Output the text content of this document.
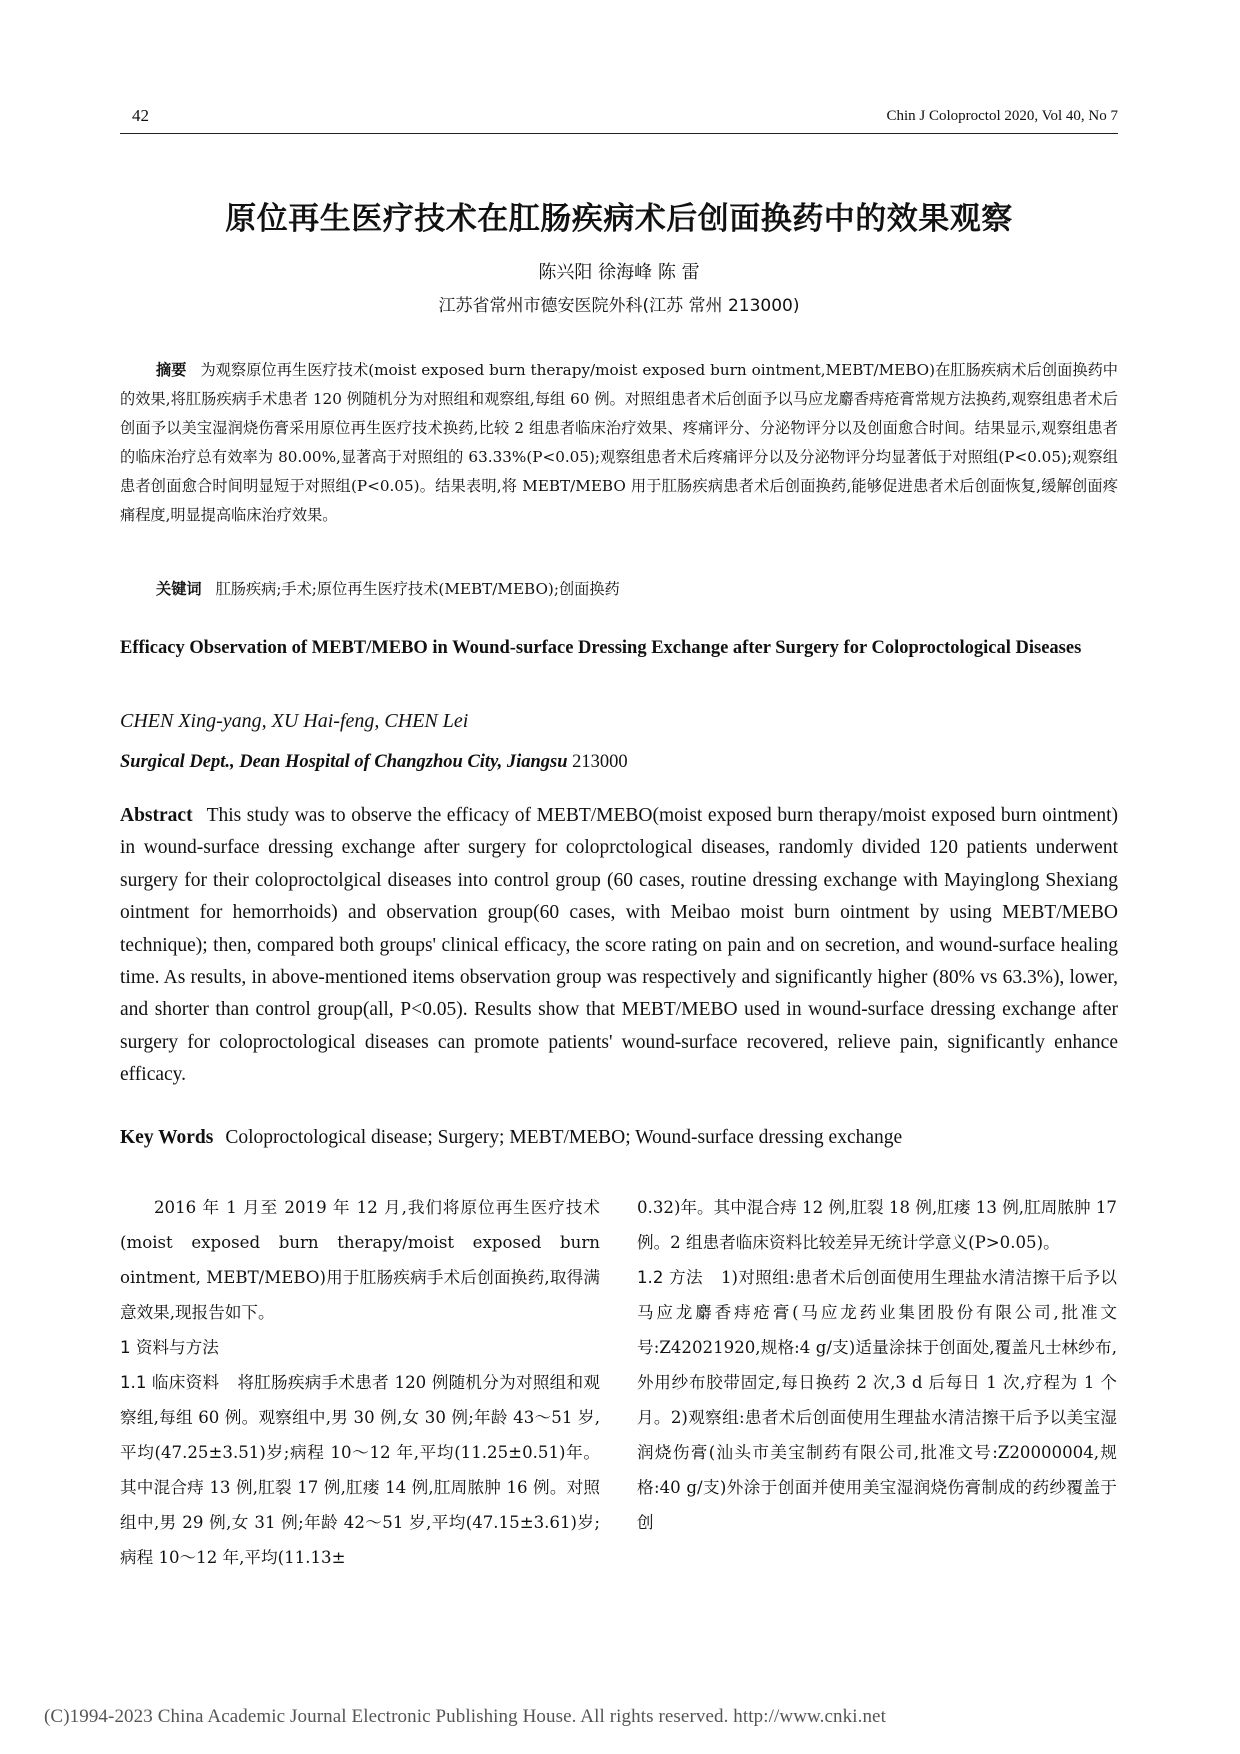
42	Chin J Coloproctol 2020, Vol 40, No 7
原位再生医疗技术在肛肠疾病术后创面换药中的效果观察
陈兴阳 徐海峰 陈 雷
江苏省常州市德安医院外科(江苏 常州 213000)
摘要 为观察原位再生医疗技术(moist exposed burn therapy/moist exposed burn ointment,MEBT/MEBO)在肛肠疾病术后创面换药中的效果,将肛肠疾病手术患者 120 例随机分为对照组和观察组,每组 60 例。对照组患者术后创面予以马应龙麝香痔疮膏常规方法换药,观察组患者术后创面予以美宝湿润烧伤膏采用原位再生医疗技术换药,比较 2 组患者临床治疗效果、疼痛评分、分泌物评分以及创面愈合时间。结果显示,观察组患者的临床治疗总有效率为 80.00%,显著高于对照组的 63.33%(P<0.05);观察组患者术后疼痛评分以及分泌物评分均显著低于对照组(P<0.05);观察组患者创面愈合时间明显短于对照组(P<0.05)。结果表明,将 MEBT/MEBO 用于肛肠疾病患者术后创面换药,能够促进患者术后创面恢复,缓解创面疼痛程度,明显提高临床治疗效果。
关键词 肛肠疾病;手术;原位再生医疗技术(MEBT/MEBO);创面换药
Efficacy Observation of MEBT/MEBO in Wound-surface Dressing Exchange after Surgery for Coloproctological Diseases
CHEN Xing-yang, XU Hai-feng, CHEN Lei
Surgical Dept., Dean Hospital of Changzhou City, Jiangsu 213000
Abstract This study was to observe the efficacy of MEBT/MEBO(moist exposed burn therapy/moist exposed burn ointment) in wound-surface dressing exchange after surgery for coloprctological diseases, randomly divided 120 patients underwent surgery for their coloproctolgical diseases into control group (60 cases, routine dressing exchange with Mayinglong Shexiang ointment for hemorrhoids) and observation group(60 cases, with Meibao moist burn ointment by using MEBT/MEBO technique); then, compared both groups' clinical efficacy, the score rating on pain and on secretion, and wound-surface healing time. As results, in above-mentioned items observation group was respectively and significantly higher (80% vs 63.3%), lower, and shorter than control group(all, P<0.05). Results show that MEBT/MEBO used in wound-surface dressing exchange after surgery for coloproctological diseases can promote patients' wound-surface recovered, relieve pain, significantly enhance efficacy.
Key Words Coloproctological disease; Surgery; MEBT/MEBO; Wound-surface dressing exchange

2016 年 1 月至 2019 年 12 月,我们将原位再生医疗技术(moist exposed burn therapy/moist exposed burn ointment, MEBT/MEBO)用于肛肠疾病手术后创面换药,取得满意效果,现报告如下。

1 资料与方法

1.1 临床资料 将肛肠疾病手术患者 120 例随机分为对照组和观察组,每组 60 例。观察组中,男 30 例,女 30 例;年龄 43～51 岁,平均(47.25±3.51)岁;病程 10～12 年,平均(11.25±0.51)年。其中混合痔 13 例,肛裂 17 例,肛瘘 14 例,肛周脓肿 16 例。对照组中,男 29 例,女 31 例;年龄 42～51 岁,平均(47.15±3.61)岁;病程 10～12 年,平均(11.13±

0.32)年。其中混合痔 12 例,肛裂 18 例,肛瘘 13 例,肛周脓肿 17 例。2 组患者临床资料比较差异无统计学意义(P>0.05)。

1.2 方法 1)对照组:患者术后创面使用生理盐水清洁擦干后予以马应龙麝香痔疮膏(马应龙药业集团股份有限公司,批准文号:Z42021920,规格:4 g/支)适量涂抹于创面处,覆盖凡士林纱布,外用纱布胶带固定,每日换药 2 次,3 d 后每日 1 次,疗程为 1 个月。2)观察组:患者术后创面使用生理盐水清洁擦干后予以美宝湿润烧伤膏(汕头市美宝制药有限公司,批准文号:Z20000004,规格:40 g/支)外涂于创面并使用美宝湿润烧伤膏制成的药纱覆盖于创

(C)1994-2023 China Academic Journal Electronic Publishing House. All rights reserved. http://www.cnki.net
